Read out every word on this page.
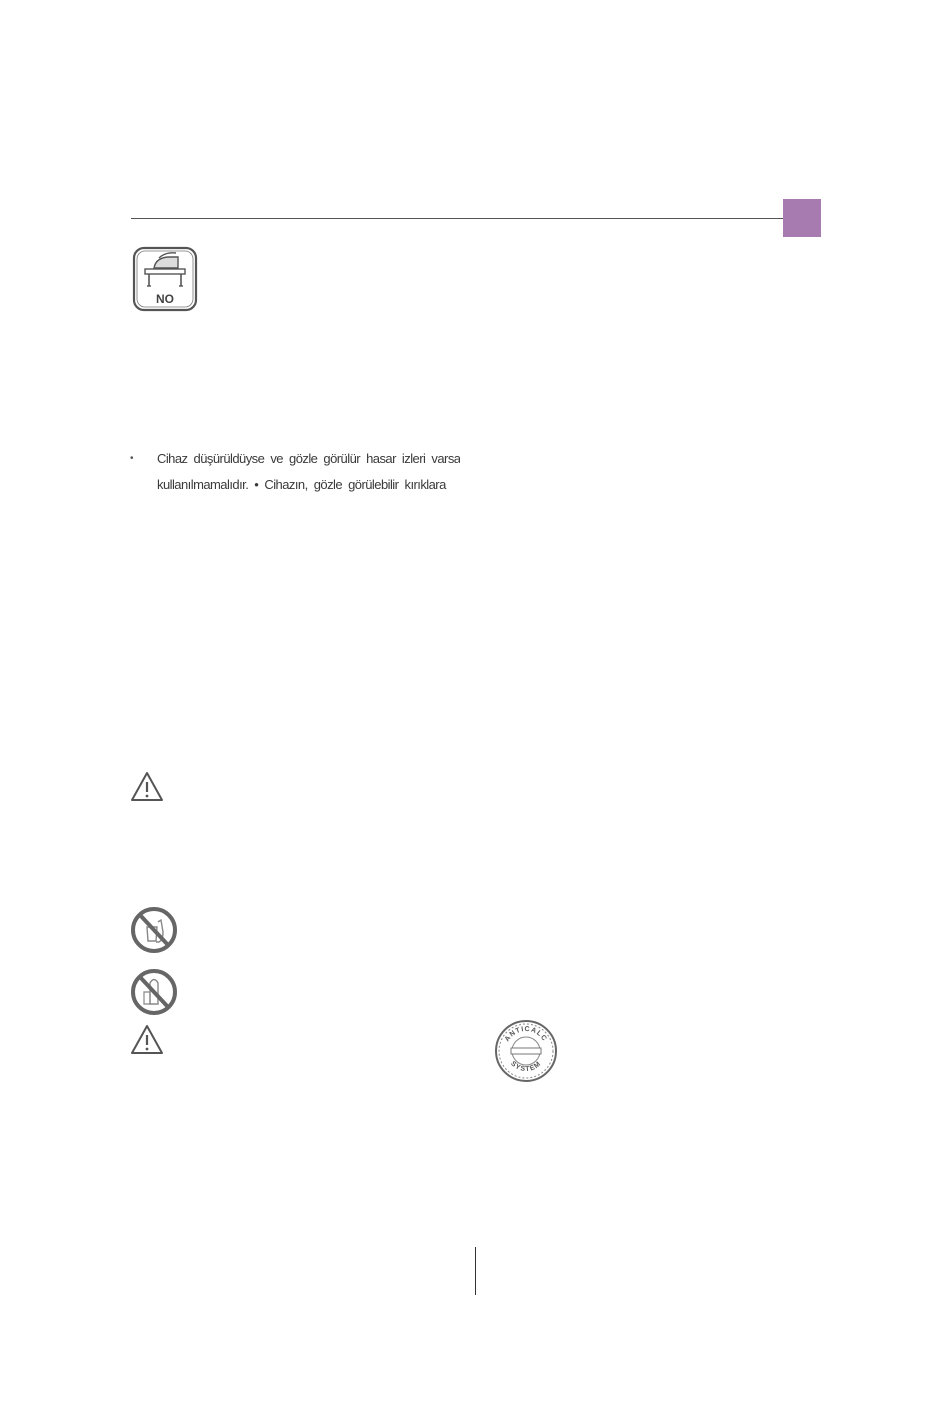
NO
•	Cihaz düşürüldüyse ve gözle görülür hasar izleri varsa
kullanılmamalıdır. • Cihazın, gözle görülebilir kırıklara
ANTICALC
SYSTEM
